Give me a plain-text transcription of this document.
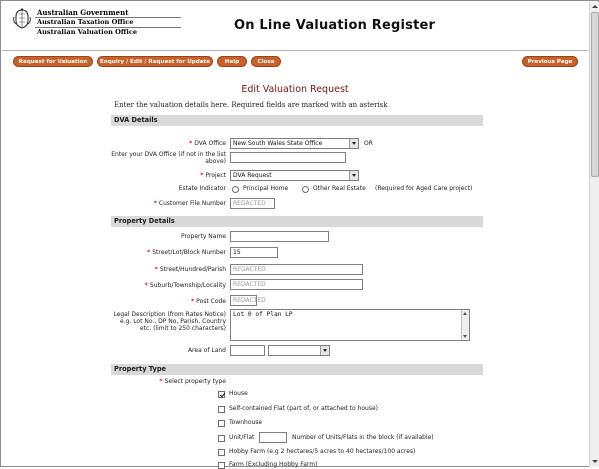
Australian Government
Australian Taxation Office
Australian Valuation Office	On Line Valuation Register
Request for Valuation	Enquiry / Edit / Request for Update	Help	Close	Previous Page
Edit Valuation Request
Enter the valuation details here. Required fields are marked with an asterisk
DVA Details
* DVA Office	New South Wales State Office	OR
Enter your DVA Office (if not in the list above)
* Project	DVA Request
Estate Indicator	Principal Home	Other Real Estate (Required for Aged Care project)
* Customer File Number	REDACTED
Property Details
Property Name
* Street/Lot/Block Number	15
* Street/Hundred/Parish	REDACTED
* Suburb/Township/Locality	REDACTED
* Post Code	REDACTED
Legal Description (from Rates Notice) e.g. Lot No., DP No, Parish, Country etc. (limit to 250 characters)
Lot 0 of Plan LP
Area of Land
Property Type
* Select property type
House
Self-contained Flat (part of, or attached to house)
Townhouse
Unit/Flat	Number of Units/Flats in the block (if available)
Hobby Farm (e.g 2 hectares/5 acres to 40 hectares/100 acres)
Farm (Excluding Hobby Farm)
